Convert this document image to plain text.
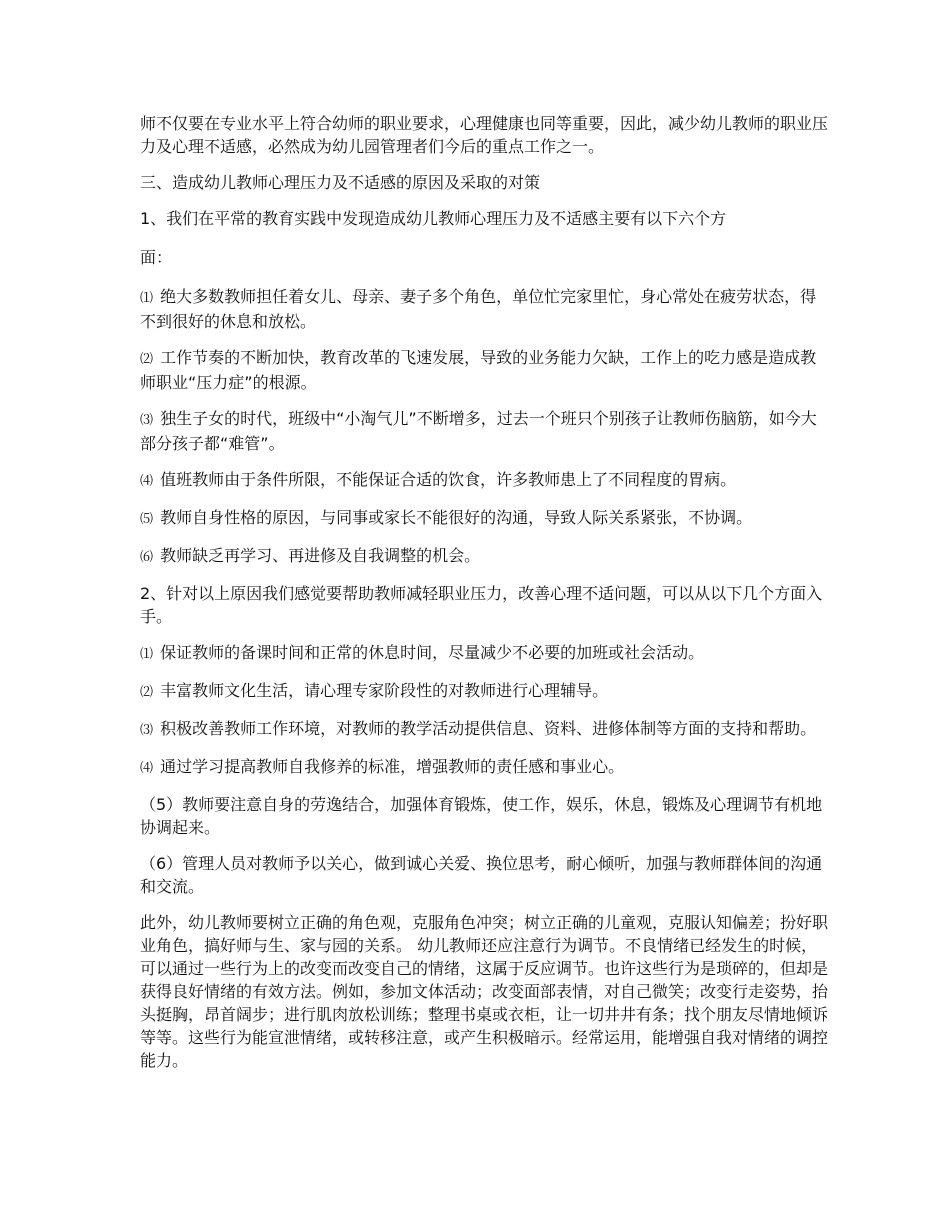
师不仅要在专业水平上符合幼师的职业要求，心理健康也同等重要，因此，减少幼儿教师的职业压力及心理不适感，必然成为幼儿园管理者们今后的重点工作之一。

三、造成幼儿教师心理压力及不适感的原因及采取的对策

1、我们在平常的教育实践中发现造成幼儿教师心理压力及不适感主要有以下六个方

面：

⑴ 绝大多数教师担任着女儿、母亲、妻子多个角色，单位忙完家里忙，身心常处在疲劳状态，得不到很好的休息和放松。

⑵ 工作节奏的不断加快，教育改革的飞速发展，导致的业务能力欠缺，工作上的吃力感是造成教师职业“压力症”的根源。

⑶ 独生子女的时代，班级中“小淘气儿”不断增多，过去一个班只个别孩子让教师伤脑筋，如今大部分孩子都“难管”。

⑷ 值班教师由于条件所限，不能保证合适的饮食，许多教师患上了不同程度的胃病。

⑸ 教师自身性格的原因，与同事或家长不能很好的沟通，导致人际关系紧张，不协调。

⑹ 教师缺乏再学习、再进修及自我调整的机会。

2、针对以上原因我们感觉要帮助教师减轻职业压力，改善心理不适问题，可以从以下几个方面入手。

⑴ 保证教师的备课时间和正常的休息时间，尽量减少不必要的加班或社会活动。

⑵ 丰富教师文化生活，请心理专家阶段性的对教师进行心理辅导。

⑶ 积极改善教师工作环境，对教师的教学活动提供信息、资料、进修体制等方面的支持和帮助。

⑷ 通过学习提高教师自我修养的标准，增强教师的责任感和事业心。

（5）教师要注意自身的劳逸结合，加强体育锻炼，使工作，娱乐，休息，锻炼及心理调节有机地协调起来。

（6）管理人员对教师予以关心，做到诚心关爱、换位思考，耐心倾听，加强与教师群体间的沟通和交流。

此外，幼儿教师要树立正确的角色观，克服角色冲突；树立正确的儿童观，克服认知偏差；扮好职业角色，搞好师与生、家与园的关系。 幼儿教师还应注意行为调节。不良情绪已经发生的时候，可以通过一些行为上的改变而改变自己的情绪，这属于反应调节。也许这些行为是琐碎的，但却是获得良好情绪的有效方法。例如，参加文体活动；改变面部表情，对自己微笑；改变行走姿势，抬头挺胸，昂首阔步；进行肌肉放松训练；整理书桌或衣柜，让一切井井有条；找个朋友尽情地倾诉等等。这些行为能宣泄情绪，或转移注意，或产生积极暗示。经常运用，能增强自我对情绪的调控能力。
